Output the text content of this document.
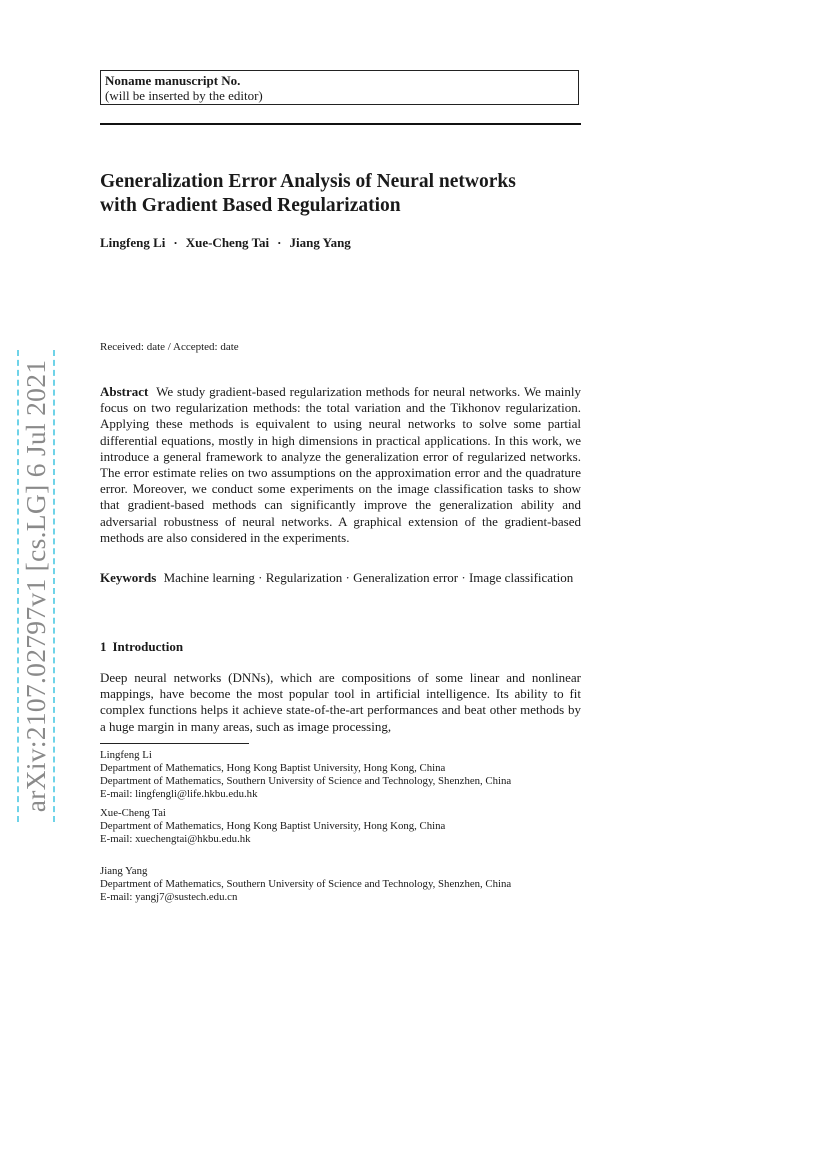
Noname manuscript No.
(will be inserted by the editor)
Generalization Error Analysis of Neural networks
with Gradient Based Regularization
Lingfeng Li · Xue-Cheng Tai · Jiang Yang
Received: date / Accepted: date
Abstract We study gradient-based regularization methods for neural networks. We mainly focus on two regularization methods: the total variation and the Tikhonov regularization. Applying these methods is equivalent to using neural networks to solve some partial differential equations, mostly in high dimensions in practical applications. In this work, we introduce a general framework to analyze the generalization error of regularized networks. The error estimate relies on two assumptions on the approximation error and the quadrature error. Moreover, we conduct some experiments on the image classification tasks to show that gradient-based methods can significantly improve the generalization ability and adversarial robustness of neural networks. A graphical extension of the gradient-based methods are also considered in the experiments.
Keywords Machine learning · Regularization · Generalization error · Image classification
1 Introduction
Deep neural networks (DNNs), which are compositions of some linear and nonlinear mappings, have become the most popular tool in artificial intelligence. Its ability to fit complex functions helps it achieve state-of-the-art performances and beat other methods by a huge margin in many areas, such as image processing,
Lingfeng Li
Department of Mathematics, Hong Kong Baptist University, Hong Kong, China
Department of Mathematics, Southern University of Science and Technology, Shenzhen, China
E-mail: lingfengli@life.hkbu.edu.hk
Xue-Cheng Tai
Department of Mathematics, Hong Kong Baptist University, Hong Kong, China
E-mail: xuechengtai@hkbu.edu.hk
Jiang Yang
Department of Mathematics, Southern University of Science and Technology, Shenzhen, China
E-mail: yangj7@sustech.edu.cn
arXiv:2107.02797v1 [cs.LG] 6 Jul 2021
